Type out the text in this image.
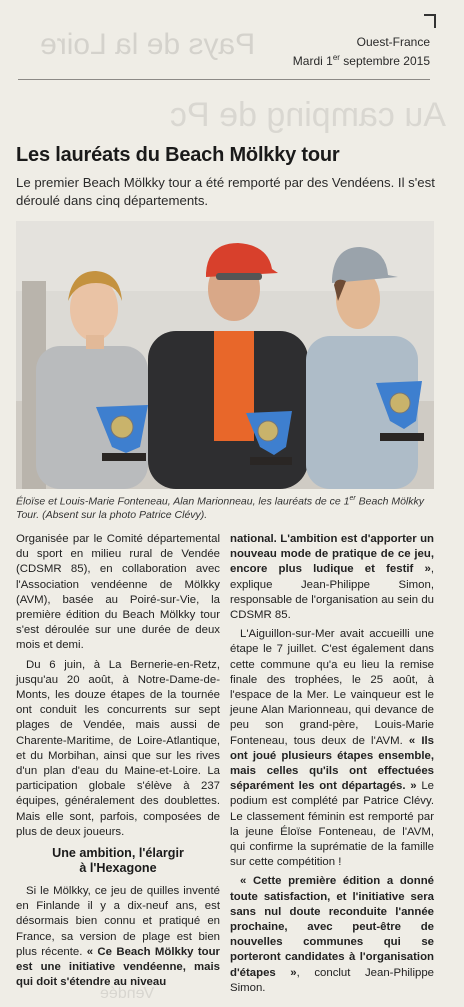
Pays de la Loire
Au camping de Pc
Ouest-France
Mardi 1er septembre 2015
Les lauréats du Beach Mölkky tour

Le premier Beach Mölkky tour a été remporté par des Vendéens. Il s'est déroulé dans cinq départements.

Éloïse et Louis-Marie Fonteneau, Alan Marionneau, les lauréats de ce 1er Beach Mölkky Tour. (Absent sur la photo Patrice Clévy).

Organisée par le Comité départemental du sport en milieu rural de Vendée (CDSMR 85), en collaboration avec l'Association vendéenne de Mölkky (AVM), basée au Poiré-sur-Vie, la première édition du Beach Mölkky tour s'est déroulée sur une durée de deux mois et demi.

Du 6 juin, à La Bernerie-en-Retz, jusqu'au 20 août, à Notre-Dame-de-Monts, les douze étapes de la tournée ont conduit les concurrents sur sept plages de Vendée, mais aussi de Charente-Maritime, de Loire-Atlantique, et du Morbihan, ainsi que sur les rives d'un plan d'eau du Maine-et-Loire. La participation globale s'élève à 237 équipes, généralement des doublettes. Mais elle sont, parfois, composées de plus de deux joueurs.

Une ambition, l'élargir
à l'Hexagone

Si le Mölkky, ce jeu de quilles inventé en Finlande il y a dix-neuf ans, est désormais bien connu et pratiqué en France, sa version de plage est bien plus récente. « Ce Beach Mölkky tour est une initiative vendéenne, mais qui doit s'étendre au niveau

national. L'ambition est d'apporter un nouveau mode de pratique de ce jeu, encore plus ludique et festif », explique Jean-Philippe Simon, responsable de l'organisation au sein du CDSMR 85.

L'Aiguillon-sur-Mer avait accueilli une étape le 7 juillet. C'est également dans cette commune qu'a eu lieu la remise finale des trophées, le 25 août, à l'espace de la Mer. Le vainqueur est le jeune Alan Marionneau, qui devance de peu son grand-père, Louis-Marie Fonteneau, tous deux de l'AVM. « Ils ont joué plusieurs étapes ensemble, mais celles qu'ils ont effectuées séparément les ont départagés. » Le podium est complété par Patrice Clévy. Le classement féminin est remporté par la jeune Éloïse Fonteneau, de l'AVM, qui confirme la suprématie de la famille sur cette compétition !

« Cette première édition a donné toute satisfaction, et l'initiative sera sans nul doute reconduite l'année prochaine, avec peut-être de nouvelles communes qui se porteront candidates à l'organisation d'étapes », conclut Jean-Philippe Simon.

Vendée
